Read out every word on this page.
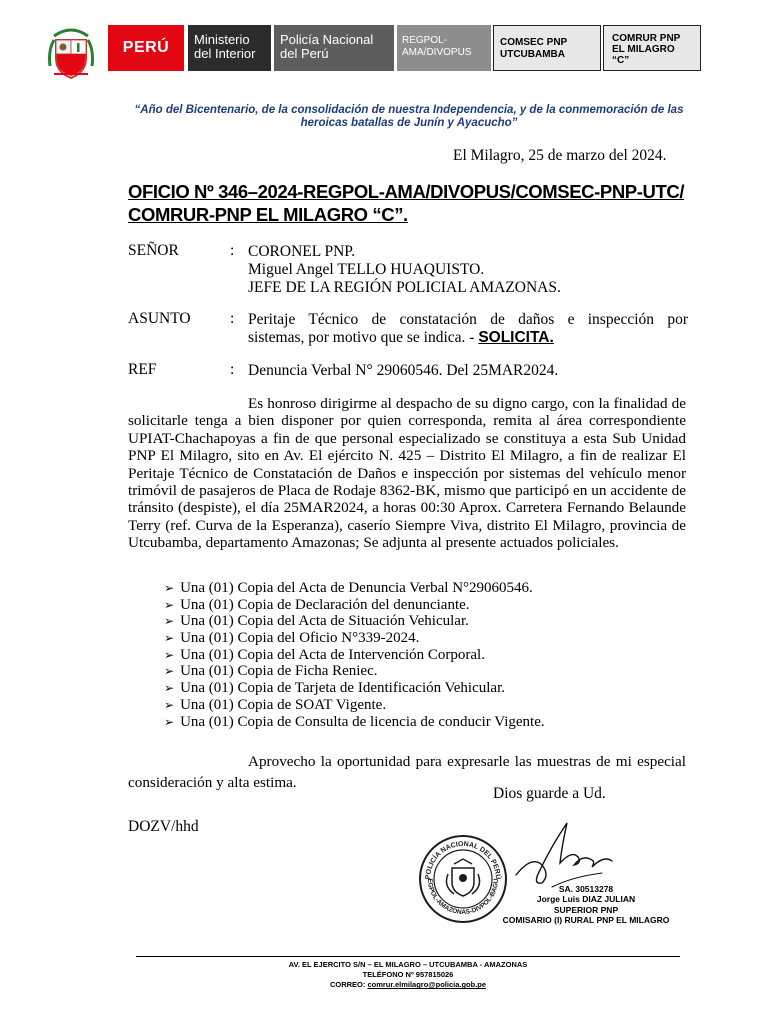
PERÚ Ministerio
del Interior
Policía Nacional
del Perú
REGPOL-
AMA/DIVOPUS
COMSEC PNP
UTCUBAMBA
COMRUR PNP
EL MILAGRO
“C”
“Año del Bicentenario, de la consolidación de nuestra Independencia, y de la conmemoración de las heroicas batallas de Junín y Ayacucho”
El Milagro, 25 de marzo del 2024.
OFICIO Nº 346–2024-REGPOL-AMA/DIVOPUS/COMSEC-PNP-UTC/ COMRUR-PNP EL MILAGRO “C”.
SEÑOR	: CORONEL PNP.
Miguel Angel TELLO HUAQUISTO.
JEFE DE LA REGIÓN POLICIAL AMAZONAS.
ASUNTO	: Peritaje Técnico de constatación de daños e inspección por
sistemas, por motivo que se indica. - SOLICITA.
REF	: Denuncia Verbal N° 29060546. Del 25MAR2024.
Es honroso dirigirme al despacho de su digno cargo, con la finalidad de solicitarle tenga a bien disponer por quien corresponda, remita al área correspondiente UPIAT-Chachapoyas a fin de que personal especializado se constituya a esta Sub Unidad PNP El Milagro, sito en Av. El ejército N. 425 – Distrito El Milagro, a fin de realizar El Peritaje Técnico de Constatación de Daños e inspección por sistemas del vehículo menor trimóvil de pasajeros de Placa de Rodaje 8362-BK, mismo que participó en un accidente de tránsito (despiste), el día 25MAR2024, a horas 00:30 Aprox. Carretera Fernando Belaunde Terry (ref. Curva de la Esperanza), caserío Siempre Viva, distrito El Milagro, provincia de Utcubamba, departamento Amazonas; Se adjunta al presente actuados policiales.
➢ Una (01) Copia del Acta de Denuncia Verbal N°29060546.
➢ Una (01) Copia de Declaración del denunciante.
➢ Una (01) Copia del Acta de Situación Vehicular.
➢ Una (01) Copia del Oficio N°339-2024.
➢ Una (01) Copia del Acta de Intervención Corporal.
➢ Una (01) Copia de Ficha Reniec.
➢ Una (01) Copia de Tarjeta de Identificación Vehicular.
➢ Una (01) Copia de SOAT Vigente.
➢ Una (01) Copia de Consulta de licencia de conducir Vigente.
Aprovecho la oportunidad para expresarle las muestras de mi especial consideración y alta estima.
Dios guarde a Ud.
DOZV/hhd
POLICÍA NACIONAL DEL PERÚ
EGPOL-AMAZONAS-DIVPOL-BAGU
SA. 30513278
Jorge Luis DIAZ JULIAN
SUPERIOR PNP
COMISARIO (I) RURAL PNP EL MILAGRO
AV. EL EJERCITO S/N – EL MILAGRO – UTCUBAMBA - AMAZONAS
TELÉFONO Nº 957815026
CORREO: comrur.elmilagro@policia.gob.pe
